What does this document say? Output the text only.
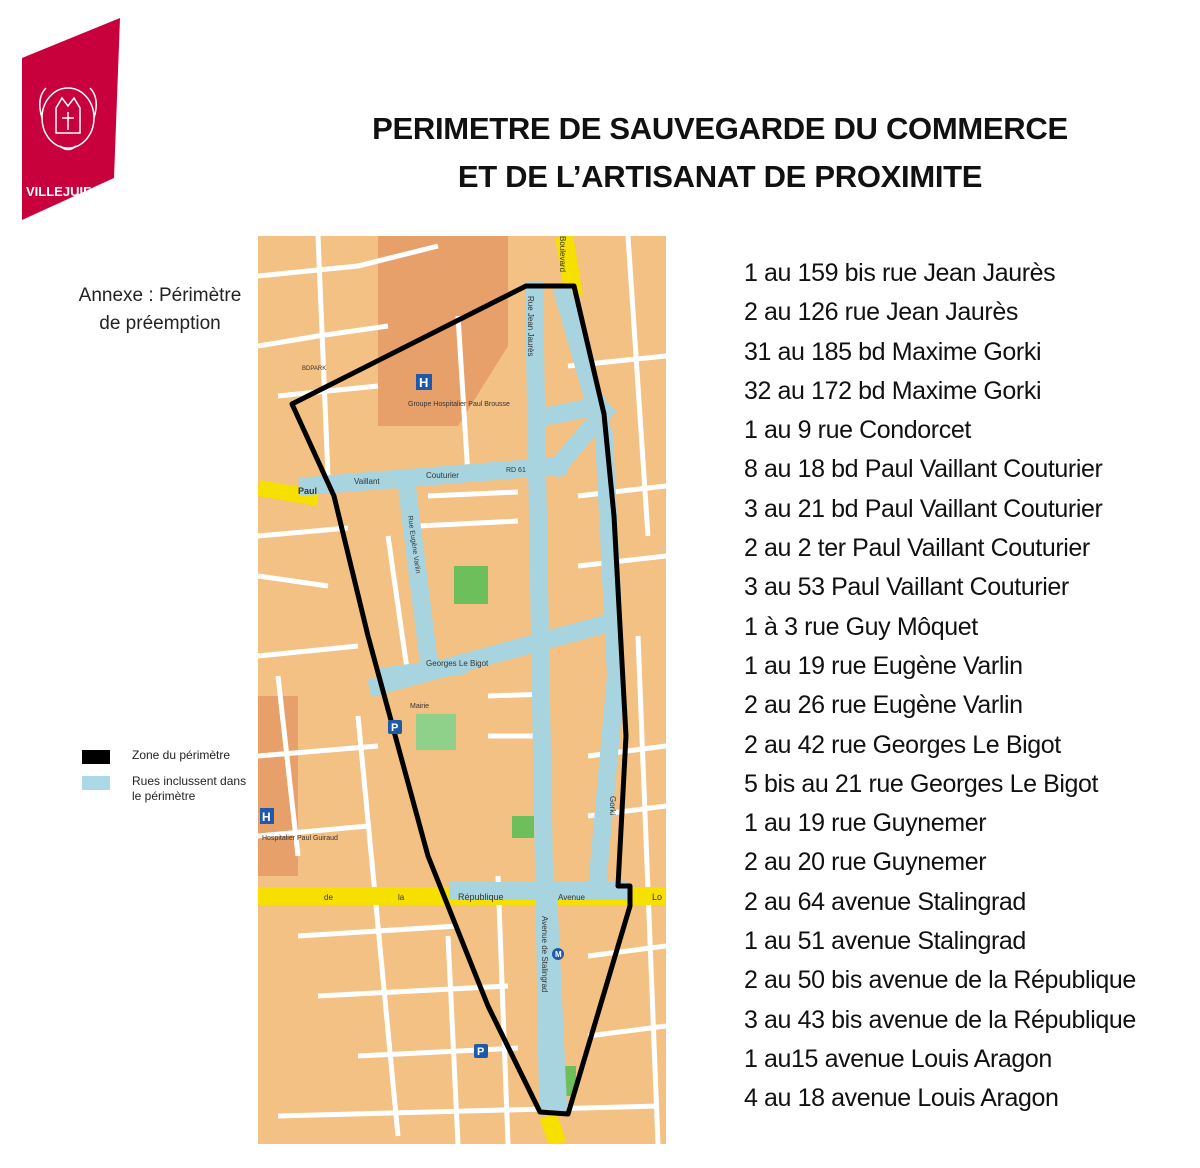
VILLEJUIF
PERIMETRE DE SAUVEGARDE DU COMMERCE
ET DE L’ARTISANAT DE PROXIMITE
Annexe : Périmètre
de préemption
Zone du périmètre
Rues inclussent dans le périmètre
H
H
P
P
M
Groupe Hospitalier Paul Brousse
Hospitalier Paul Guiraud
Paul
Vaillant
Couturier
RD 61
de	la	République	Avenue	Lo
Georges Le Bigot
Mairie
BDPARK
Rue Jean Jaurès
Boulevard
Gorki
Avenue de Stalingrad
Rue Eugène Varlin
1 au 159 bis rue Jean Jaurès
2 au 126 rue Jean Jaurès
31 au 185 bd Maxime Gorki
32 au 172 bd Maxime Gorki
1 au 9 rue Condorcet
8 au 18 bd Paul Vaillant Couturier
3 au 21 bd Paul Vaillant Couturier
2 au 2 ter Paul Vaillant Couturier
3 au 53 Paul Vaillant Couturier
1 à 3 rue Guy Môquet
1 au 19 rue Eugène Varlin
2 au 26 rue Eugène Varlin
2 au 42 rue Georges Le Bigot
5 bis au 21 rue Georges Le Bigot
1 au 19 rue Guynemer
2 au 20 rue Guynemer
2 au 64 avenue Stalingrad
1 au 51 avenue Stalingrad
2 au 50 bis avenue de la République
3 au 43 bis avenue de la République
1 au15 avenue Louis Aragon
4 au 18 avenue Louis Aragon
